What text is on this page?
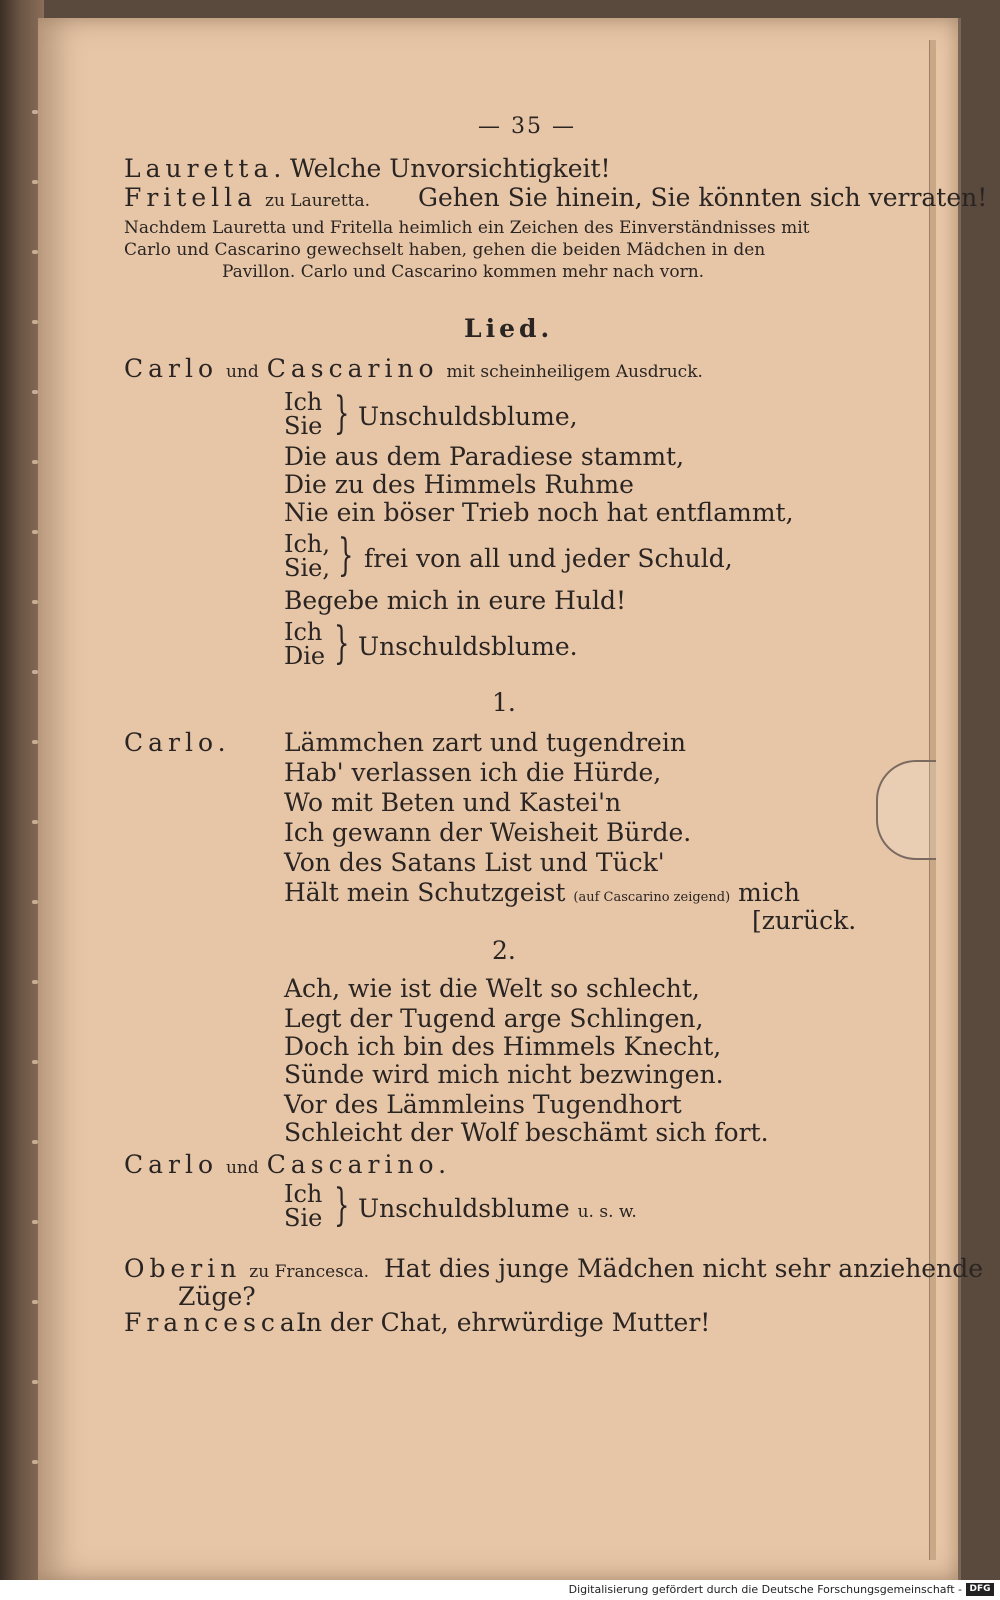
— 35 —
Lauretta. Welche Unvorsichtigkeit!
Fritella zu Lauretta. Gehen Sie hinein, Sie könnten sich verraten!
Nachdem Lauretta und Fritella heimlich ein Zeichen des Einverständnisses mit
Carlo und Cascarino gewechselt haben, gehen die beiden Mädchen in den
Pavillon. Carlo und Cascarino kommen mehr nach vorn.
Lied.
Carlo und Cascarino mit scheinheiligem Ausdruck.
Ich
Sie } Unschuldsblume,
Die aus dem Paradiese stammt,
Die zu des Himmels Ruhme
Nie ein böser Trieb noch hat entflammt,
Ich,
Sie, } frei von all und jeder Schuld,
Begebe mich in eure Huld!
Ich
Die } Unschuldsblume.
1.
Carlo. Lämmchen zart und tugendrein
Hab' verlassen ich die Hürde,
Wo mit Beten und Kastei'n
Ich gewann der Weisheit Bürde.
Von des Satans List und Tück'
Hält mein Schutzgeist (auf Cascarino zeigend) mich
[zurück.
2.
Ach, wie ist die Welt so schlecht,
Legt der Tugend arge Schlingen,
Doch ich bin des Himmels Knecht,
Sünde wird mich nicht bezwingen.
Vor des Lämmleins Tugendhort
Schleicht der Wolf beschämt sich fort.
Carlo und Cascarino.
Ich
Sie } Unschuldsblume u. s. w.
Oberin zu Francesca. Hat dies junge Mädchen nicht sehr anziehende
Züge?
Francesca.
In der Chat, ehrwürdige Mutter!
Digitalisierung gefördert durch die Deutsche Forschungsgemeinschaft - DFG
